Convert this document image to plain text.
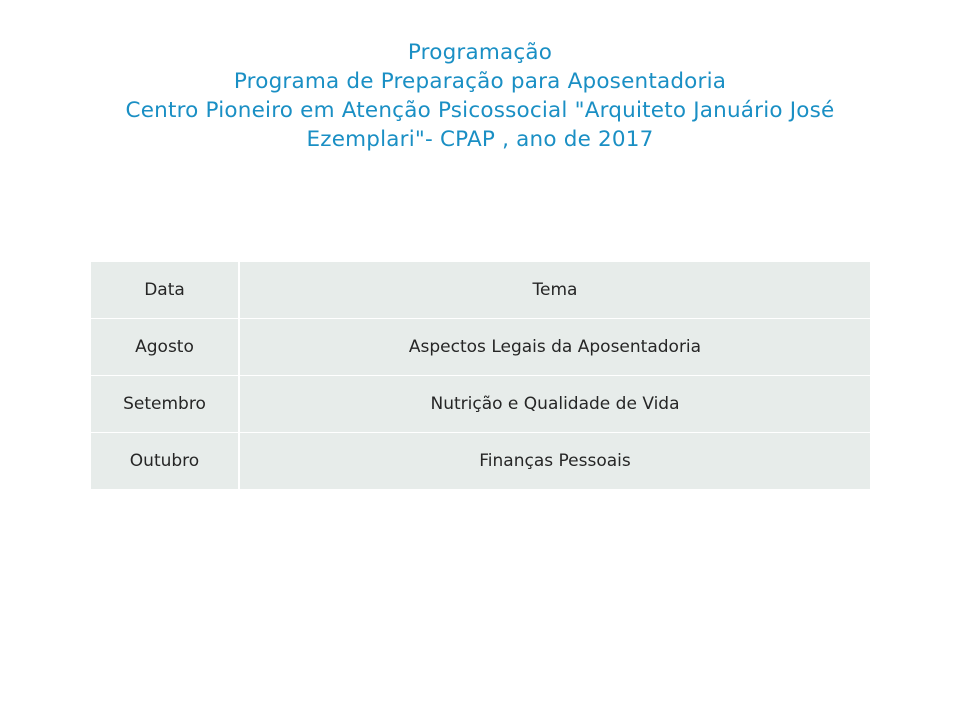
Programação
Programa de Preparação para Aposentadoria
Centro Pioneiro em Atenção Psicossocial "Arquiteto Januário José
Ezemplari"- CPAP , ano de 2017
Data	Tema
Agosto	Aspectos Legais da Aposentadoria
Setembro	Nutrição e Qualidade de Vida
Outubro	Finanças Pessoais
